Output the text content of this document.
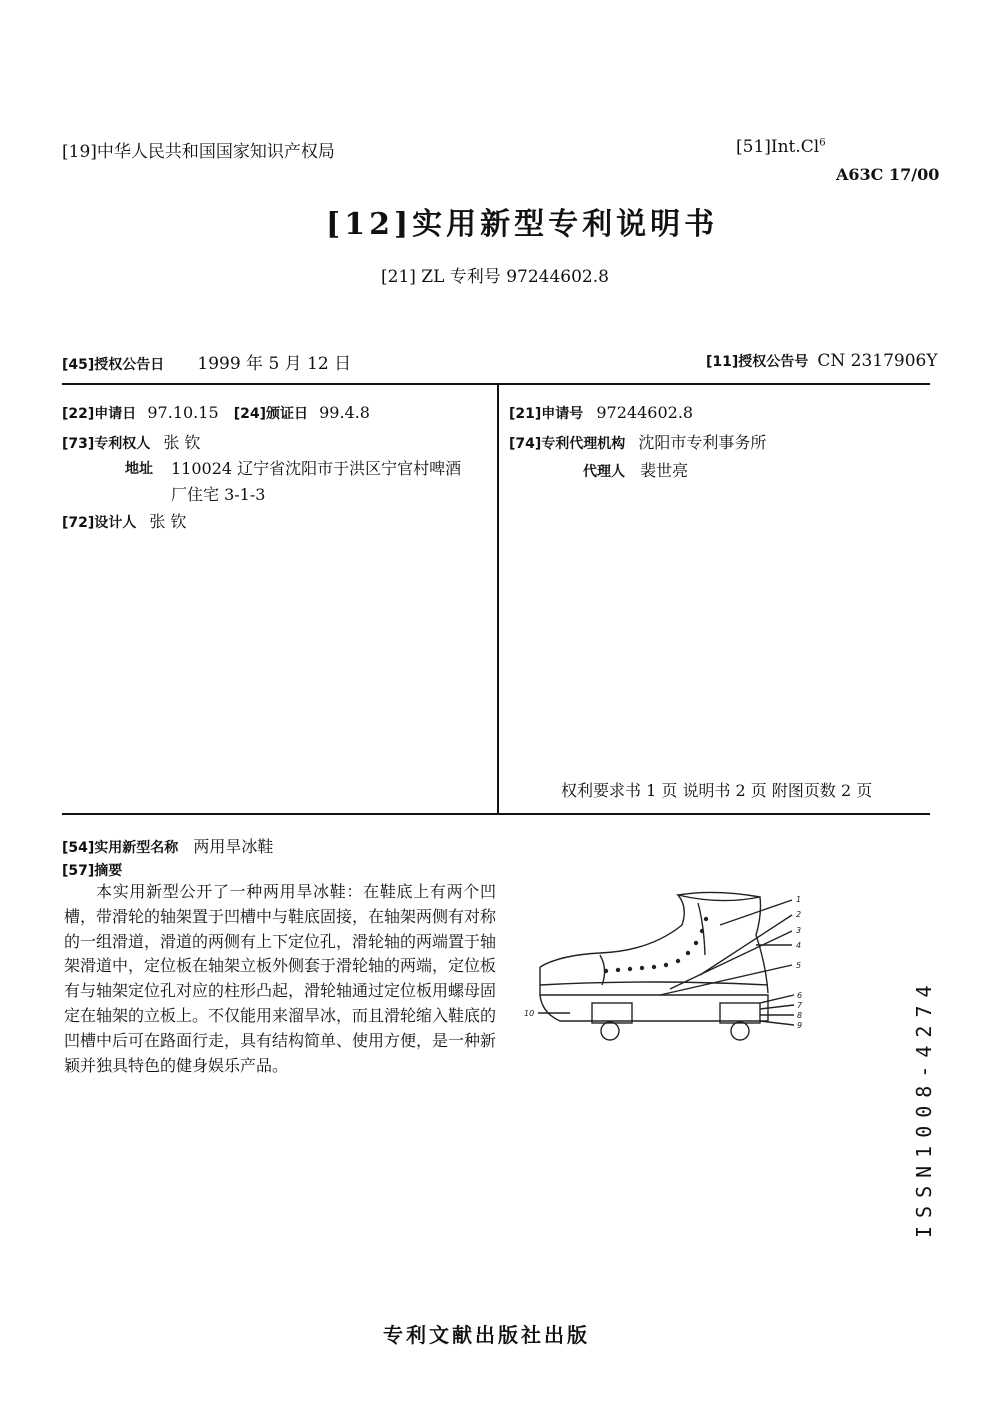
[19]中华人民共和国国家知识产权局	[51]Int.Cl$^6$
A63C 17/00
[12]实用新型专利说明书
[21] ZL 专利号 97244602.8
[45]授权公告日 1999 年 5 月 12 日	[11]授权公告号 CN 2317906Y
[22]申请日 97.10.15 [24]颁证日 99.4.8
[73]专利权人 张 钦
地址 110024 辽宁省沈阳市于洪区宁官村啤酒
厂住宅 3-1-3
[72]设计人 张 钦
[21]申请号 97244602.8
[74]专利代理机构 沈阳市专利事务所
代理人 裴世亮
权利要求书 1 页 说明书 2 页 附图页数 2 页
[54]实用新型名称 两用旱冰鞋
[57]摘要
本实用新型公开了一种两用旱冰鞋：在鞋底上有两个凹槽，带滑轮的轴架置于凹槽中与鞋底固接，在轴架两侧有对称的一组滑道，滑道的两侧有上下定位孔，滑轮轴的两端置于轴架滑道中，定位板在轴架立板外侧套于滑轮轴的两端，定位板有与轴架定位孔对应的柱形凸起，滑轮轴通过定位板用螺母固定在轴架的立板上。不仅能用来溜旱冰，而且滑轮缩入鞋底的凹槽中后可在路面行走，具有结构简单、使用方便，是一种新颖并独具特色的健身娱乐产品。
1
2
3
4
5
6
7
8
9
10	ISSN1008-4274
专利文献出版社出版
